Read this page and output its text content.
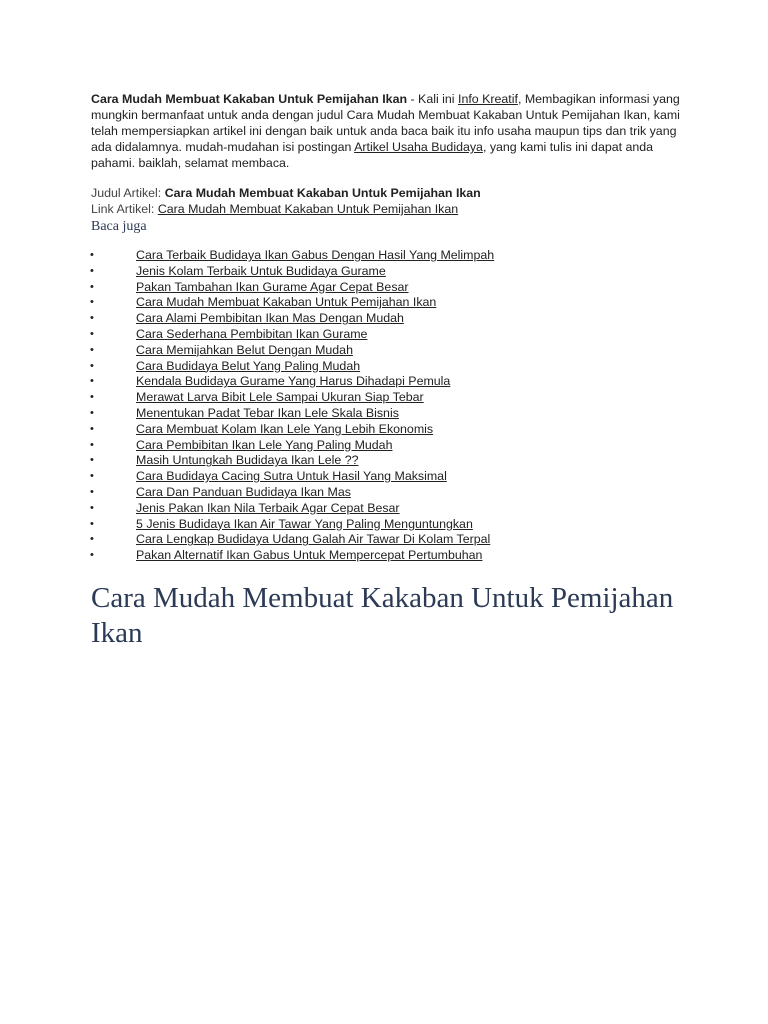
Cara Mudah Membuat Kakaban Untuk Pemijahan Ikan - Kali ini Info Kreatif, Membagikan informasi yang mungkin bermanfaat untuk anda dengan judul Cara Mudah Membuat Kakaban Untuk Pemijahan Ikan, kami telah mempersiapkan artikel ini dengan baik untuk anda baca baik itu info usaha maupun tips dan trik yang ada didalamnya. mudah-mudahan isi postingan Artikel Usaha Budidaya, yang kami tulis ini dapat anda pahami. baiklah, selamat membaca.

Judul Artikel: Cara Mudah Membuat Kakaban Untuk Pemijahan Ikan
Link Artikel: Cara Mudah Membuat Kakaban Untuk Pemijahan Ikan
Baca juga
•	Cara Terbaik Budidaya Ikan Gabus Dengan Hasil Yang Melimpah
•	Jenis Kolam Terbaik Untuk Budidaya Gurame
•	Pakan Tambahan Ikan Gurame Agar Cepat Besar
•	Cara Mudah Membuat Kakaban Untuk Pemijahan Ikan
•	Cara Alami Pembibitan Ikan Mas Dengan Mudah
•	Cara Sederhana Pembibitan Ikan Gurame
•	Cara Memijahkan Belut Dengan Mudah
•	Cara Budidaya Belut Yang Paling Mudah
•	Kendala Budidaya Gurame Yang Harus Dihadapi Pemula
•	Merawat Larva Bibit Lele Sampai Ukuran Siap Tebar
•	Menentukan Padat Tebar Ikan Lele Skala Bisnis
•	Cara Membuat Kolam Ikan Lele Yang Lebih Ekonomis
•	Cara Pembibitan Ikan Lele Yang Paling Mudah
•	Masih Untungkah Budidaya Ikan Lele ??
•	Cara Budidaya Cacing Sutra Untuk Hasil Yang Maksimal
•	Cara Dan Panduan Budidaya Ikan Mas
•	Jenis Pakan Ikan Nila Terbaik Agar Cepat Besar
•	5 Jenis Budidaya Ikan Air Tawar Yang Paling Menguntungkan
•	Cara Lengkap Budidaya Udang Galah Air Tawar Di Kolam Terpal
•	Pakan Alternatif Ikan Gabus Untuk Mempercepat Pertumbuhan
Cara Mudah Membuat Kakaban Untuk Pemijahan Ikan
